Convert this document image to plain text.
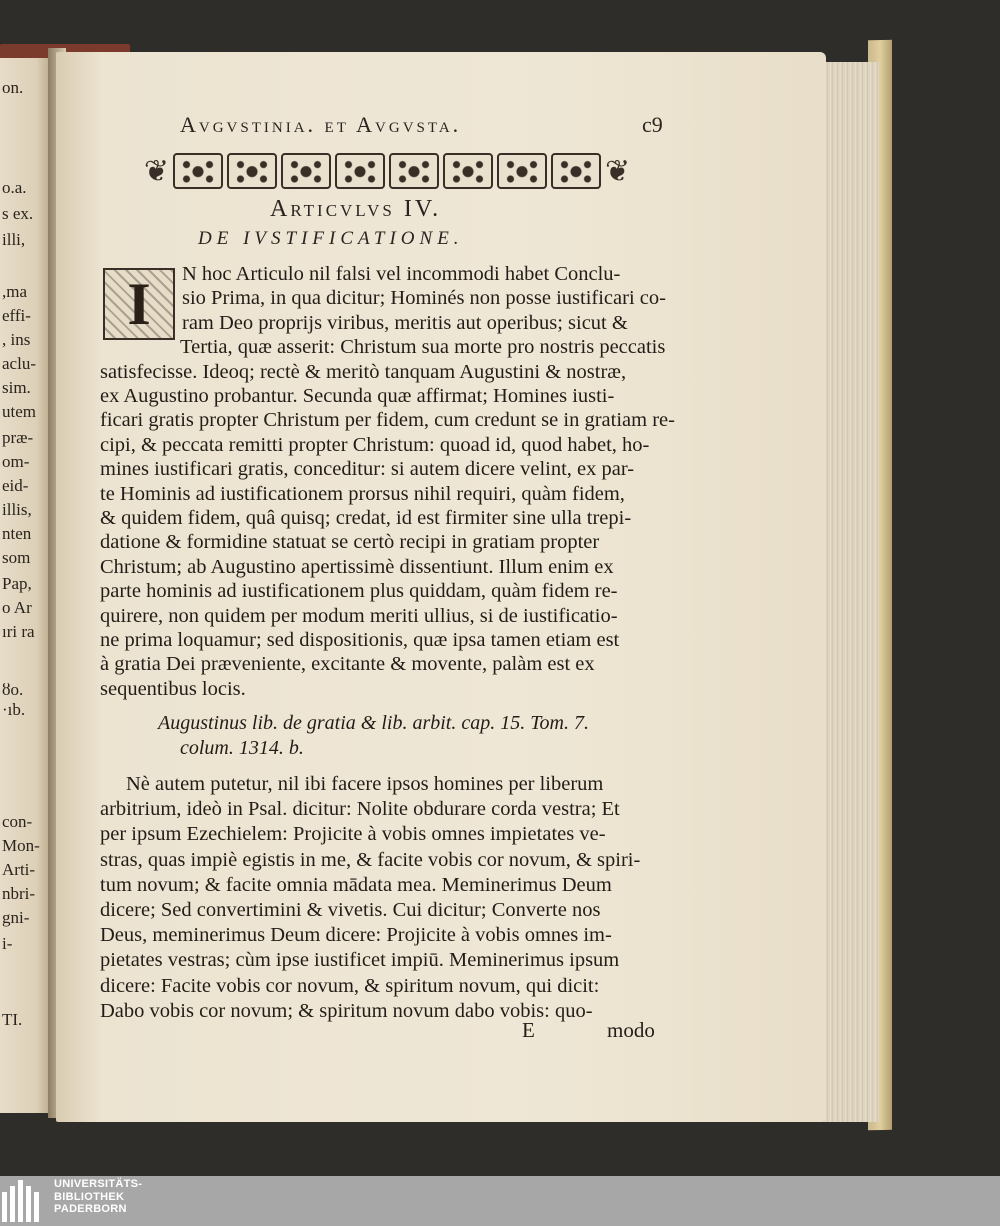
on.
o.a.
s ex.
illi,
,ma
effi-
, ins
aclu-
sim.
utem
præ-
om-
eid-
illis,
nten
som
Pap,
o Ar
ıri ra
ȣo.
·ıb.
con-
Mon-
Arti-
nbri-
gni-
i-
TI.
Avgvstinia. et Avgvsta.	c9
❦	❦
Articvlvs IV.
DE IVSTIFICATIONE.
I	N hoc Articulo nil falsi vel incommodi habet Conclu-
sio Prima, in qua dicitur; Hominés non posse iustificari co-
ram Deo proprijs viribus, meritis aut operibus; sicut &
Tertia, quæ asserit: Christum sua morte pro nostris peccatis
satisfecisse. Ideoq; rectè & meritò tanquam Augustini & nostræ,
ex Augustino probantur. Secunda quæ affirmat; Homines iusti-
ficari gratis propter Christum per fidem, cum credunt se in gratiam re-
cipi, & peccata remitti propter Christum: quoad id, quod habet, ho-
mines iustificari gratis, conceditur: si autem dicere velint, ex par-
te Hominis ad iustificationem prorsus nihil requiri, quàm fidem,
& quidem fidem, quâ quisq; credat, id est firmiter sine ulla trepi-
datione & formidine statuat se certò recipi in gratiam propter
Christum; ab Augustino apertissimè dissentiunt. Illum enim ex
parte hominis ad iustificationem plus quiddam, quàm fidem re-
quirere, non quidem per modum meriti ullius, si de iustificatio-
ne prima loquamur; sed dispositionis, quæ ipsa tamen etiam est
à gratia Dei præveniente, excitante & movente, palàm est ex
sequentibus locis.
Augustinus lib. de gratia & lib. arbit. cap. 15. Tom. 7.
colum. 1314. b.
Nè autem putetur, nil ibi facere ipsos homines per liberum
arbitrium, ideò in Psal. dicitur: Nolite obdurare corda vestra; Et
per ipsum Ezechielem: Projicite à vobis omnes impietates ve-
stras, quas impiè egistis in me, & facite vobis cor novum, & spiri-
tum novum; & facite omnia mādata mea. Meminerimus Deum
dicere; Sed convertimini & vivetis. Cui dicitur; Converte nos
Deus, meminerimus Deum dicere: Projicite à vobis omnes im-
pietates vestras; cùm ipse iustificet impiū. Meminerimus ipsum
dicere: Facite vobis cor novum, & spiritum novum, qui dicit:
Dabo vobis cor novum; & spiritum novum dabo vobis: quo-
E	modo
UNIVERSITÄTS-
BIBLIOTHEK
PADERBORN
